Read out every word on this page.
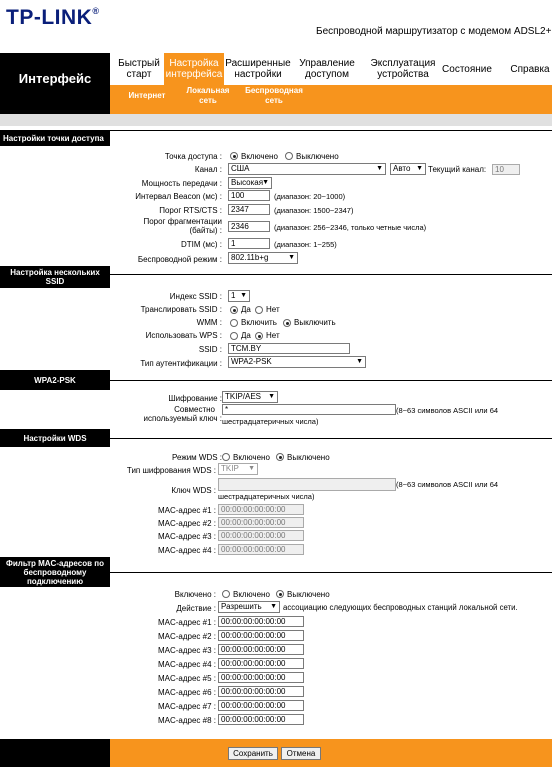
TP-LINK®
Беспроводной маршрутизатор с модемом ADSL2+
Интерфейс
Быстрый старт
Настройка интерфейса
Расширенные настройки
Управление доступом
Эксплуатация устройства	Состояние Справка
Интернет
Локальная сеть
Беспроводная сеть
Настройки точки доступа
Точка доступа : Включено Выключено
Канал :	США	▼	Авто ▼ Текущий канал:	10
Мощность передачи :	Высокая
▼
Интервал Beacon (мс) :	100	(диапазон: 20~1000)
Порог RTS/CTS :	2347	(диапазон: 1500~2347)
Порог фрагментации
(байты) :	2346	(диапазон: 256~2346, только четные числа)
DTIM (мс) :	1	(диапазон: 1~255)
Беспроводной режим :	802.11b+g	▼
Настройка нескольких SSID
Индекс SSID :	1 ▼
Транслировать SSID : Да Нет
WMM : Включить Выключить
Использовать WPS : Да Нет
SSID :	TCM.BY
Тип аутентификации :	WPA2-PSK	▼
WPA2-PSK
Шифрование : TKIP/AES ▼
Совместно
используемый ключ :
*	(8~63 символов ASCII или 64
шестрадцатеричных числа)
Настройки WDS
Режим WDS : Включено Выключено
Тип шифрования WDS : TKIP ▼
Ключ WDS :
(8~63 символов ASCII или 64
шестрадцатеричных числа)
MAC-адрес #1 : 00:00:00:00:00:00
MAC-адрес #2 : 00:00:00:00:00:00
MAC-адрес #3 : 00:00:00:00:00:00
MAC-адрес #4 : 00:00:00:00:00:00
Фильтр MAC-адресов по беспроводному подключению
Включено : Включено Выключено
Действие : Разрешить ▼ ассоциацию следующих беспроводных станций локальной сети.
MAC-адрес #1 : 00:00:00:00:00:00
MAC-адрес #2 : 00:00:00:00:00:00
MAC-адрес #3 : 00:00:00:00:00:00
MAC-адрес #4 : 00:00:00:00:00:00
MAC-адрес #5 : 00:00:00:00:00:00
MAC-адрес #6 : 00:00:00:00:00:00
MAC-адрес #7 : 00:00:00:00:00:00
MAC-адрес #8 : 00:00:00:00:00:00
Сохранить	Отмена
